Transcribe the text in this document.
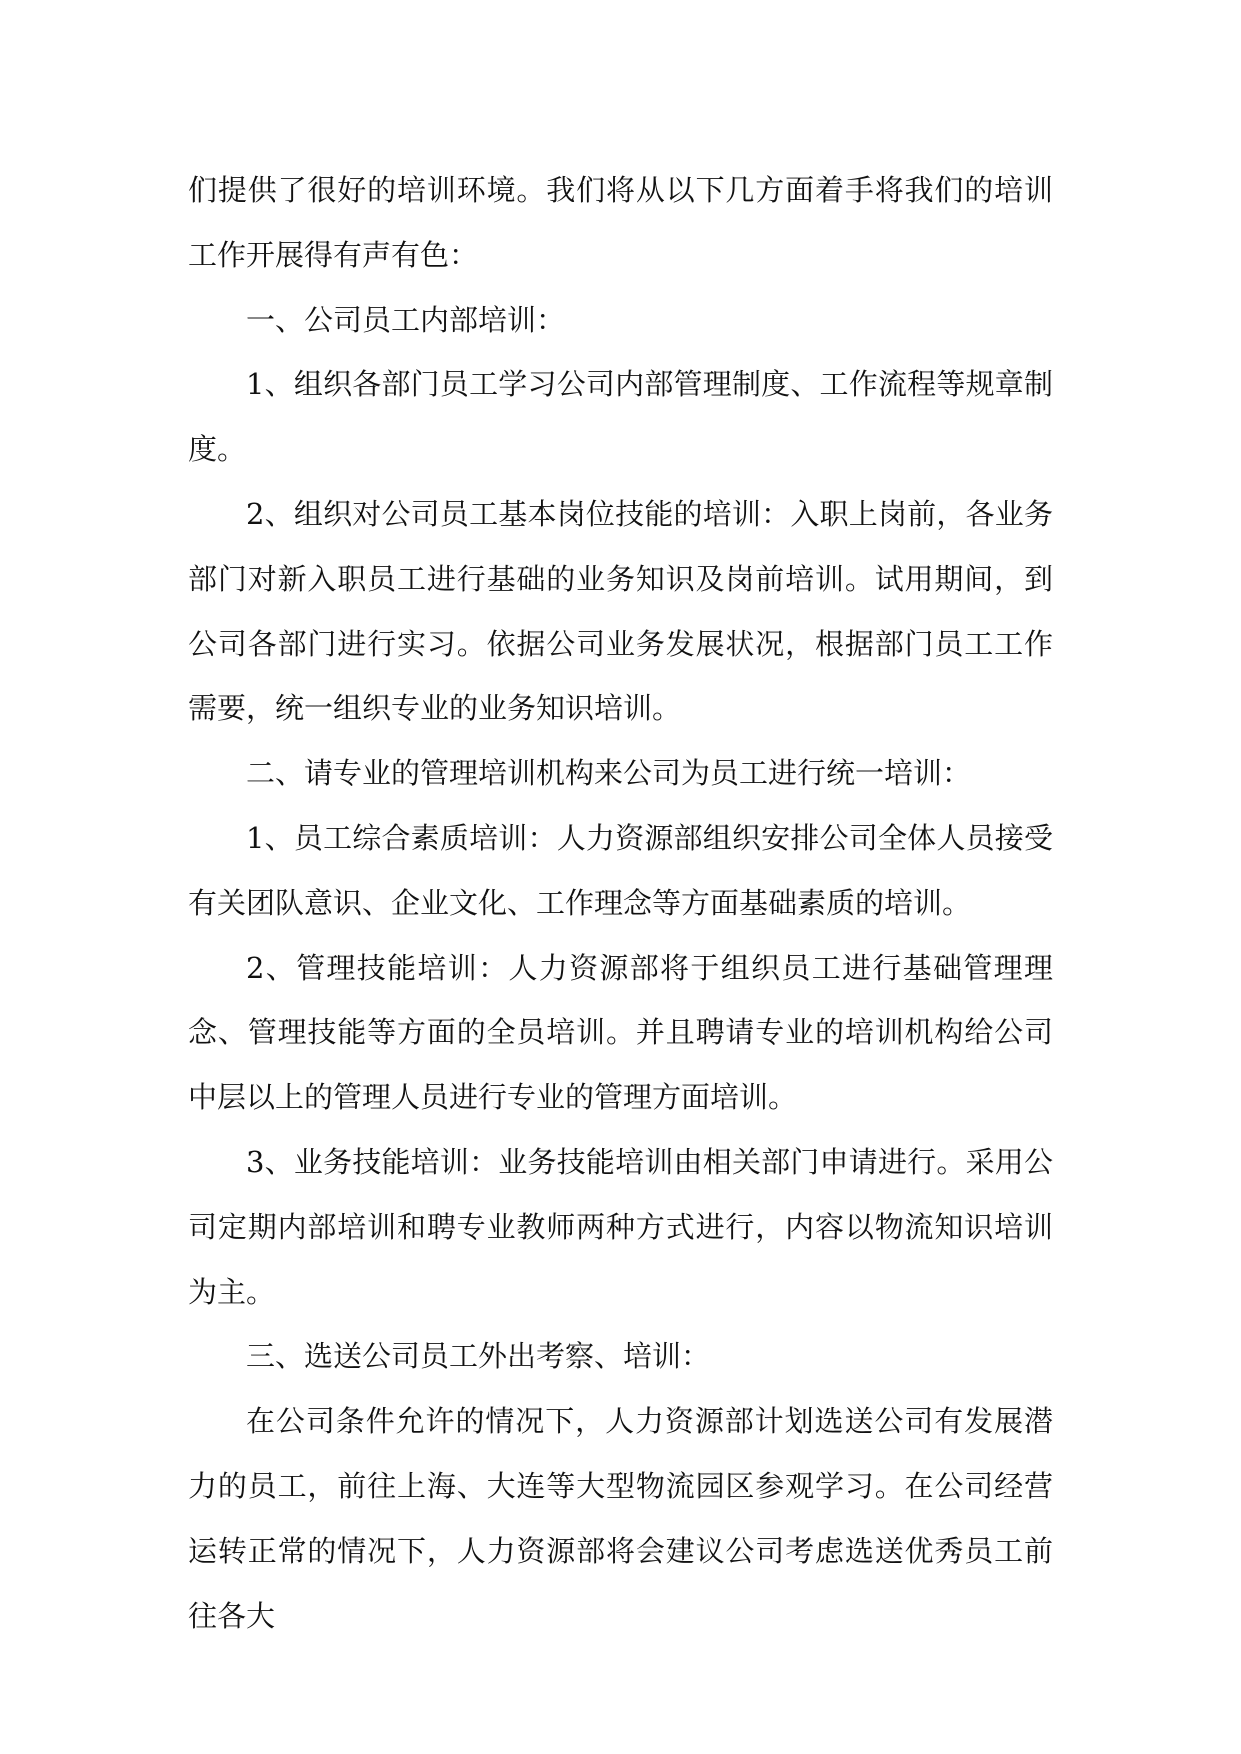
们提供了很好的培训环境。我们将从以下几方面着手将我们的培训工作开展得有声有色：

一、公司员工内部培训：

1、组织各部门员工学习公司内部管理制度、工作流程等规章制度。

2、组织对公司员工基本岗位技能的培训：入职上岗前，各业务部门对新入职员工进行基础的业务知识及岗前培训。试用期间，到公司各部门进行实习。依据公司业务发展状况，根据部门员工工作需要，统一组织专业的业务知识培训。

二、请专业的管理培训机构来公司为员工进行统一培训：

1、员工综合素质培训：人力资源部组织安排公司全体人员接受有关团队意识、企业文化、工作理念等方面基础素质的培训。

2、管理技能培训：人力资源部将于组织员工进行基础管理理念、管理技能等方面的全员培训。并且聘请专业的培训机构给公司中层以上的管理人员进行专业的管理方面培训。

3、业务技能培训：业务技能培训由相关部门申请进行。采用公司定期内部培训和聘专业教师两种方式进行，内容以物流知识培训为主。

三、选送公司员工外出考察、培训：

在公司条件允许的情况下，人力资源部计划选送公司有发展潜力的员工，前往上海、大连等大型物流园区参观学习。在公司经营运转正常的情况下，人力资源部将会建议公司考虑选送优秀员工前往各大
